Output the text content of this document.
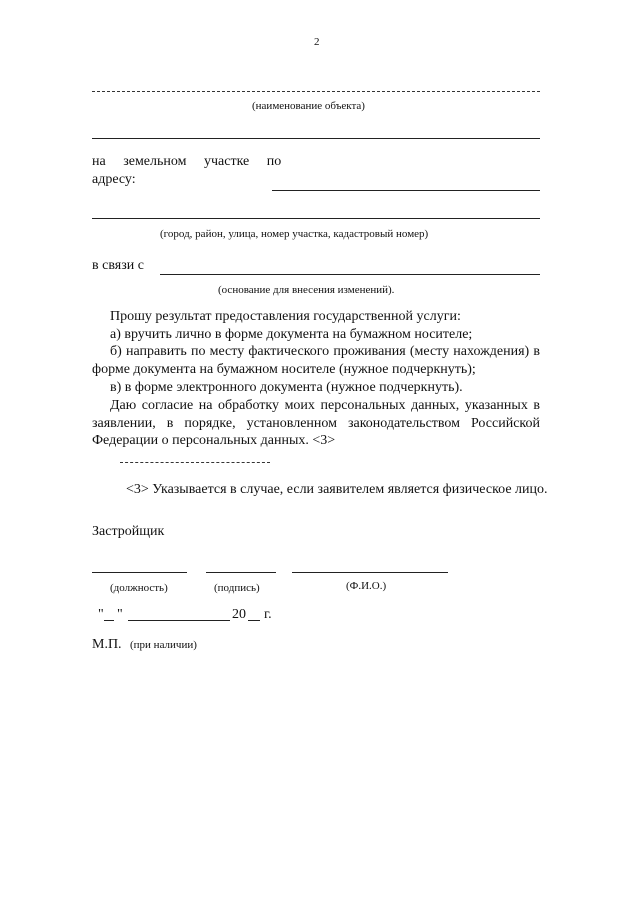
2
(наименование объекта)
на земельном участке по
адресу:
(город, район, улица, номер участка, кадастровый номер)
в связи с
(основание для внесения изменений).
Прошу результат предоставления государственной услуги:
а) вручить лично в форме документа на бумажном носителе;
б) направить по месту фактического проживания (месту нахождения) в форме документа на бумажном носителе (нужное подчеркнуть);
в) в форме электронного документа (нужное подчеркнуть).
Даю согласие на обработку моих персональных данных, указанных в заявлении, в порядке, установленном законодательством Российской Федерации о персональных данных. <3>
<3> Указывается в случае, если заявителем является физическое лицо.
Застройщик
(должность)	(подпись)	(Ф.И.О.)
" "	20 г.
М.П. (при наличии)
